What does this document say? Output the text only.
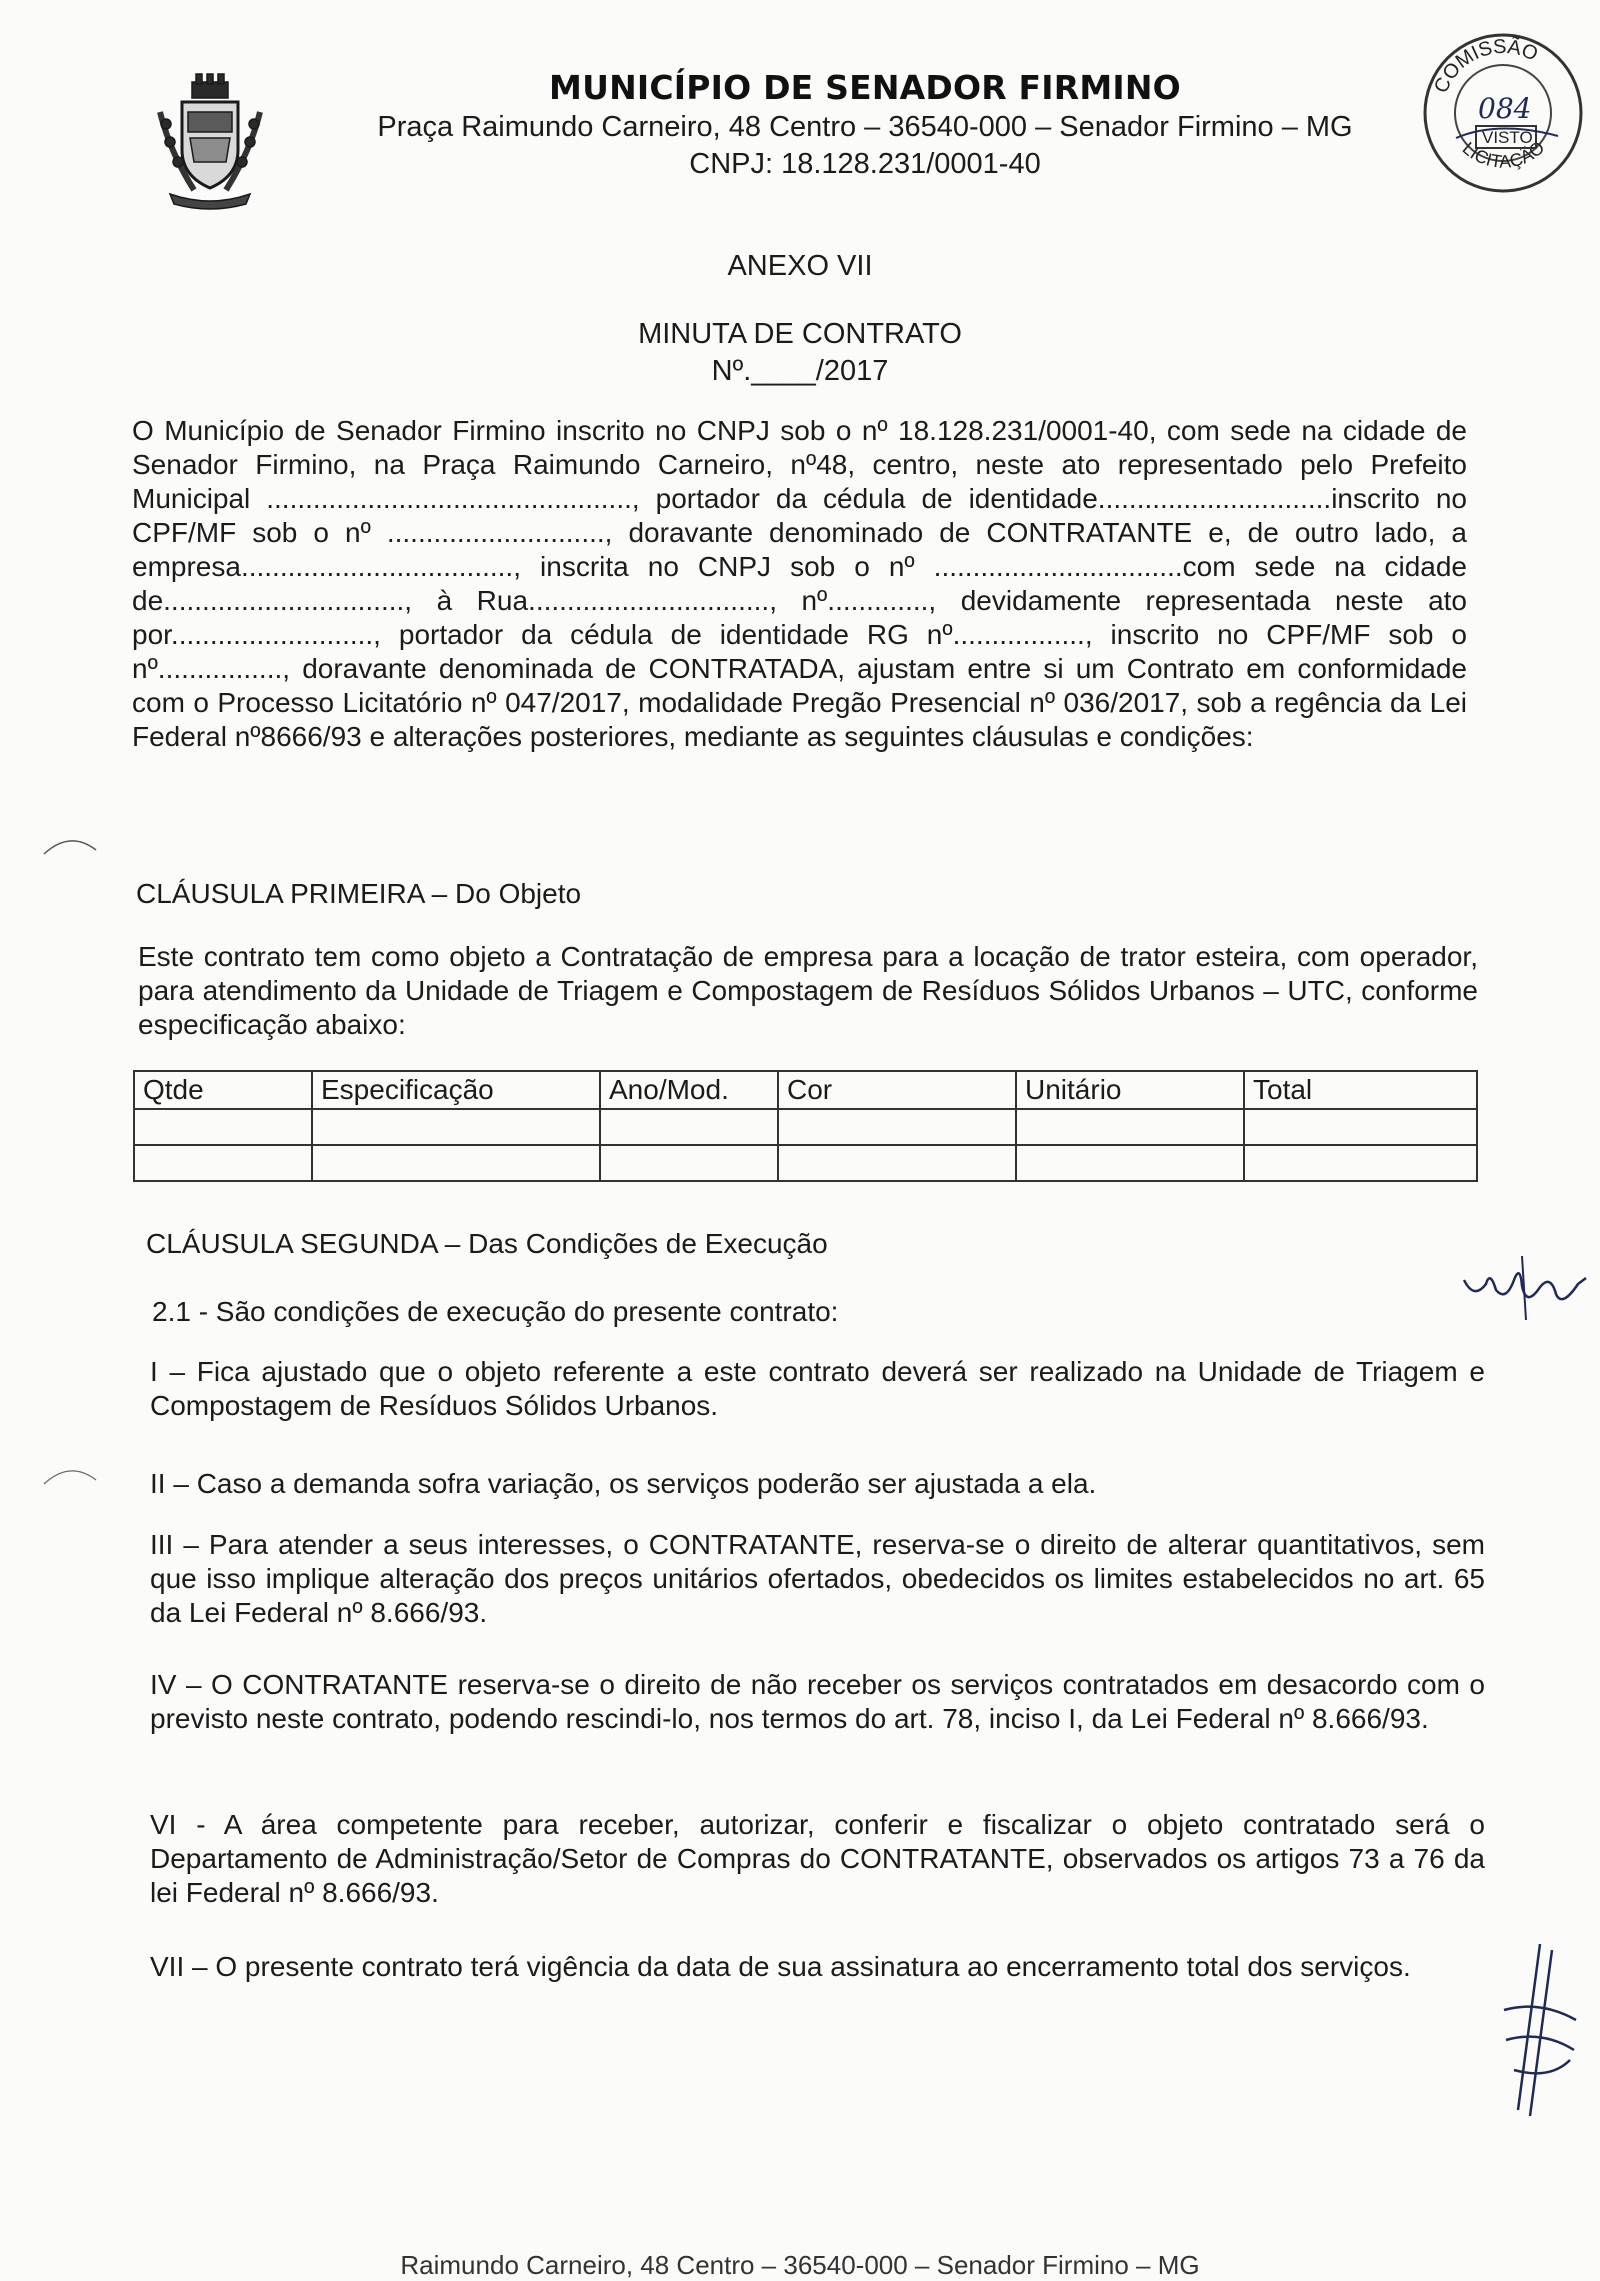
MUNICÍPIO DE SENADOR FIRMINO
Praça Raimundo Carneiro, 48 Centro – 36540-000 – Senador Firmino – MG
CNPJ: 18.128.231/0001-40
COMISSÃO
LICITAÇÃO
084
VISTO
ANEXO VII
MINUTA DE CONTRATO
Nº.____/2017
O Município de Senador Firmino inscrito no CNPJ sob o nº 18.128.231/0001-40, com sede na cidade de Senador Firmino, na Praça Raimundo Carneiro, nº48, centro, neste ato representado pelo Prefeito Municipal ..............................................., portador da cédula de identidade..............................inscrito no CPF/MF sob o nº ............................, doravante denominado de CONTRATANTE e, de outro lado, a empresa..................................., inscrita no CNPJ sob o nº ................................com sede na cidade de..............................., à Rua..............................., nº............., devidamente representada neste ato por.........................., portador da cédula de identidade RG nº................., inscrito no CPF/MF sob o nº................, doravante denominada de CONTRATADA, ajustam entre si um Contrato em conformidade com o Processo Licitatório nº 047/2017, modalidade Pregão Presencial nº 036/2017, sob a regência da Lei Federal nº8666/93 e alterações posteriores, mediante as seguintes cláusulas e condições:
CLÁUSULA PRIMEIRA – Do Objeto
Este contrato tem como objeto a Contratação de empresa para a locação de trator esteira, com operador, para atendimento da Unidade de Triagem e Compostagem de Resíduos Sólidos Urbanos – UTC, conforme especificação abaixo:
Qtde	Especificação	Ano/Mod.	Cor	Unitário	Total

CLÁUSULA SEGUNDA – Das Condições de Execução
2.1 - São condições de execução do presente contrato:
I – Fica ajustado que o objeto referente a este contrato deverá ser realizado na Unidade de Triagem e Compostagem de Resíduos Sólidos Urbanos.
II – Caso a demanda sofra variação, os serviços poderão ser ajustada a ela.
III – Para atender a seus interesses, o CONTRATANTE, reserva-se o direito de alterar quantitativos, sem que isso implique alteração dos preços unitários ofertados, obedecidos os limites estabelecidos no art. 65 da Lei Federal nº 8.666/93.
IV – O CONTRATANTE reserva-se o direito de não receber os serviços contratados em desacordo com o previsto neste contrato, podendo rescindi-lo, nos termos do art. 78, inciso I, da Lei Federal nº 8.666/93.
VI - A área competente para receber, autorizar, conferir e fiscalizar o objeto contratado será o Departamento de Administração/Setor de Compras do CONTRATANTE, observados os artigos 73 a 76 da lei Federal nº 8.666/93.
VII – O presente contrato terá vigência da data de sua assinatura ao encerramento total dos serviços.
Raimundo Carneiro, 48 Centro – 36540-000 – Senador Firmino – MG
